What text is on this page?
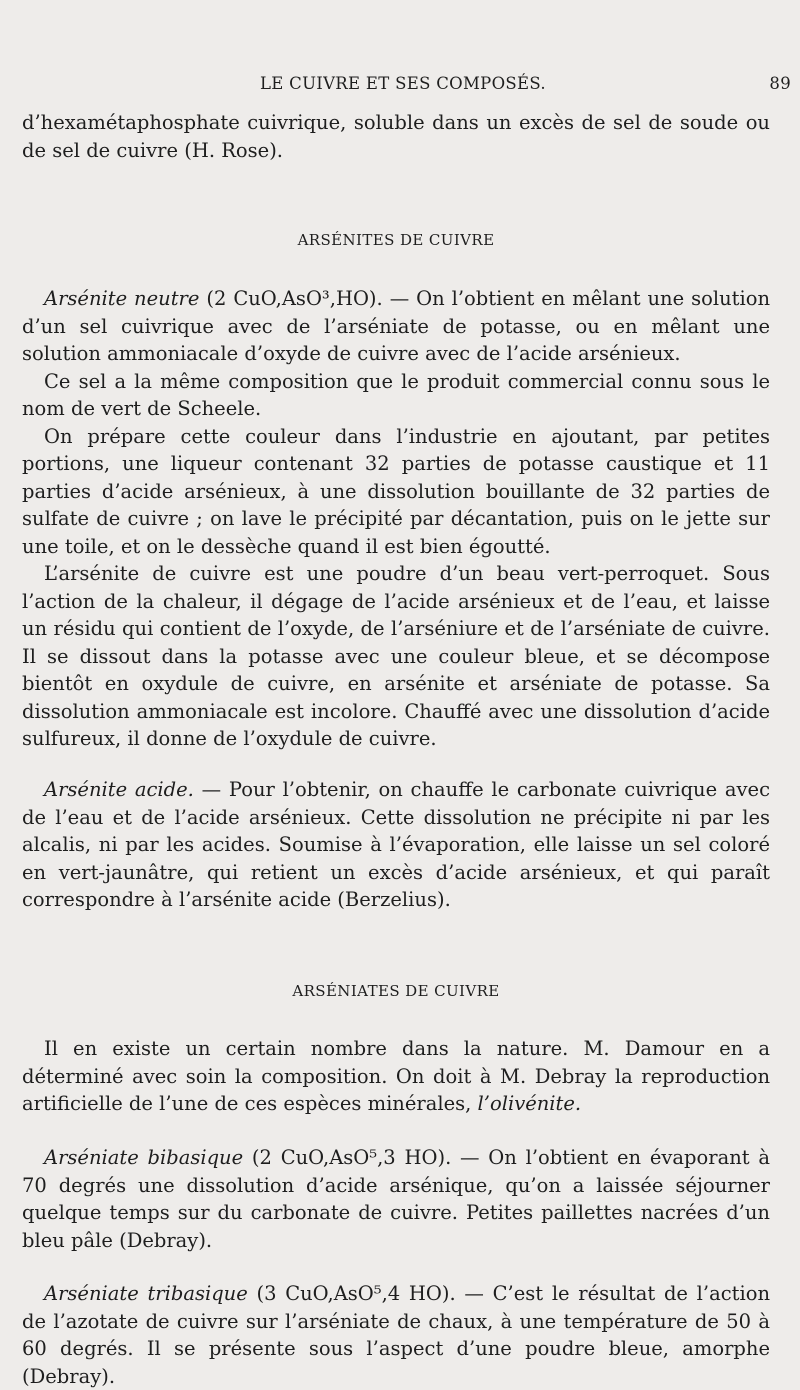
LE CUIVRE ET SES COMPOSÉS.	89

d’hexamétaphosphate cuivrique, soluble dans un excès de sel de soude ou de sel de cuivre (H. Rose).

ARSÉNITES DE CUIVRE

Arsénite neutre (2 CuO,AsO³,HO). — On l’obtient en mêlant une solution d’un sel cuivrique avec de l’arséniate de potasse, ou en mêlant une solution ammoniacale d’oxyde de cuivre avec de l’acide arsénieux.

Ce sel a la même composition que le produit commercial connu sous le nom de vert de Scheele.

On prépare cette couleur dans l’industrie en ajoutant, par petites portions, une liqueur contenant 32 parties de potasse caustique et 11 parties d’acide arsénieux, à une dissolution bouillante de 32 parties de sulfate de cuivre ; on lave le précipité par décantation, puis on le jette sur une toile, et on le dessèche quand il est bien égoutté.

L’arsénite de cuivre est une poudre d’un beau vert-perroquet. Sous l’action de la chaleur, il dégage de l’acide arsénieux et de l’eau, et laisse un résidu qui contient de l’oxyde, de l’arséniure et de l’arséniate de cuivre. Il se dissout dans la potasse avec une couleur bleue, et se décompose bientôt en oxydule de cuivre, en arsénite et arséniate de potasse. Sa dissolution ammoniacale est incolore. Chauffé avec une dissolution d’acide sulfureux, il donne de l’oxydule de cuivre.

Arsénite acide. — Pour l’obtenir, on chauffe le carbonate cuivrique avec de l’eau et de l’acide arsénieux. Cette dissolution ne précipite ni par les alcalis, ni par les acides. Soumise à l’évaporation, elle laisse un sel coloré en vert-jaunâtre, qui retient un excès d’acide arsénieux, et qui paraît correspondre à l’arsénite acide (Berzelius).

ARSÉNIATES DE CUIVRE

Il en existe un certain nombre dans la nature. M. Damour en a déterminé avec soin la composition. On doit à M. Debray la reproduction artificielle de l’une de ces espèces minérales, l’olivénite.

Arséniate bibasique (2 CuO,AsO⁵,3 HO). — On l’obtient en évaporant à 70 degrés une dissolution d’acide arsénique, qu’on a laissée séjourner quelque temps sur du carbonate de cuivre. Petites paillettes nacrées d’un bleu pâle (Debray).

Arséniate tribasique (3 CuO,AsO⁵,4 HO). — C’est le résultat de l’action de l’azotate de cuivre sur l’arséniate de chaux, à une température de 50 à 60 degrés. Il se présente sous l’aspect d’une poudre bleue, amorphe (Debray).
